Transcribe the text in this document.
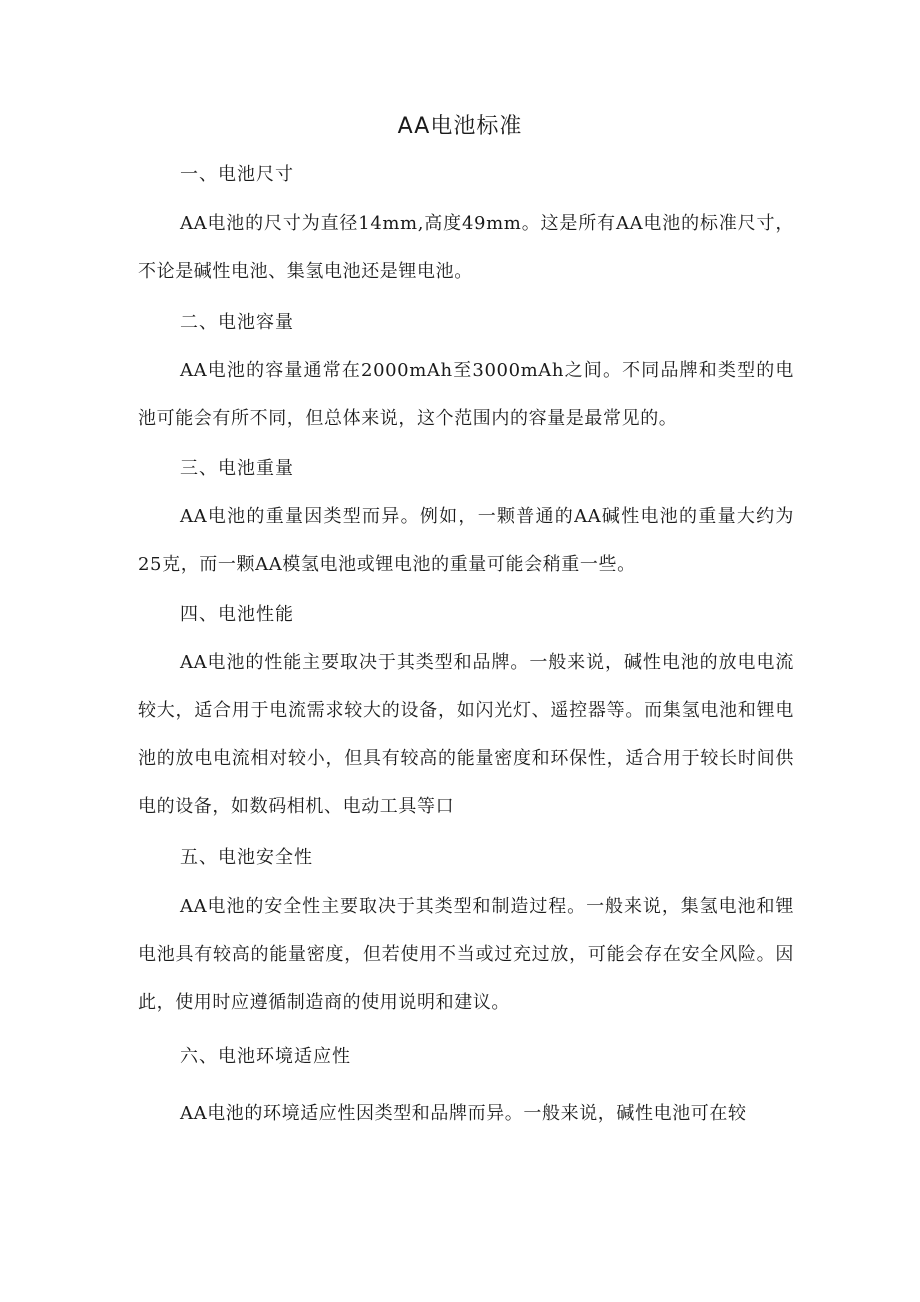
AA电池标准
一、电池尺寸
AA电池的尺寸为直径14mm,高度49mm。这是所有AA电池的标准尺寸，不论是碱性电池、集氢电池还是锂电池。
二、电池容量
AA电池的容量通常在2000mAh至3000mAh之间。不同品牌和类型的电池可能会有所不同，但总体来说，这个范围内的容量是最常见的。
三、电池重量
AA电池的重量因类型而异。例如，一颗普通的AA碱性电池的重量大约为25克，而一颗AA模氢电池或锂电池的重量可能会稍重一些。
四、电池性能
AA电池的性能主要取决于其类型和品牌。一般来说，碱性电池的放电电流较大，适合用于电流需求较大的设备，如闪光灯、遥控器等。而集氢电池和锂电池的放电电流相对较小，但具有较高的能量密度和环保性，适合用于较长时间供电的设备，如数码相机、电动工具等口
五、电池安全性
AA电池的安全性主要取决于其类型和制造过程。一般来说，集氢电池和锂电池具有较高的能量密度，但若使用不当或过充过放，可能会存在安全风险。因此，使用时应遵循制造商的使用说明和建议。
六、电池环境适应性
AA电池的环境适应性因类型和品牌而异。一般来说，碱性电池可在较
